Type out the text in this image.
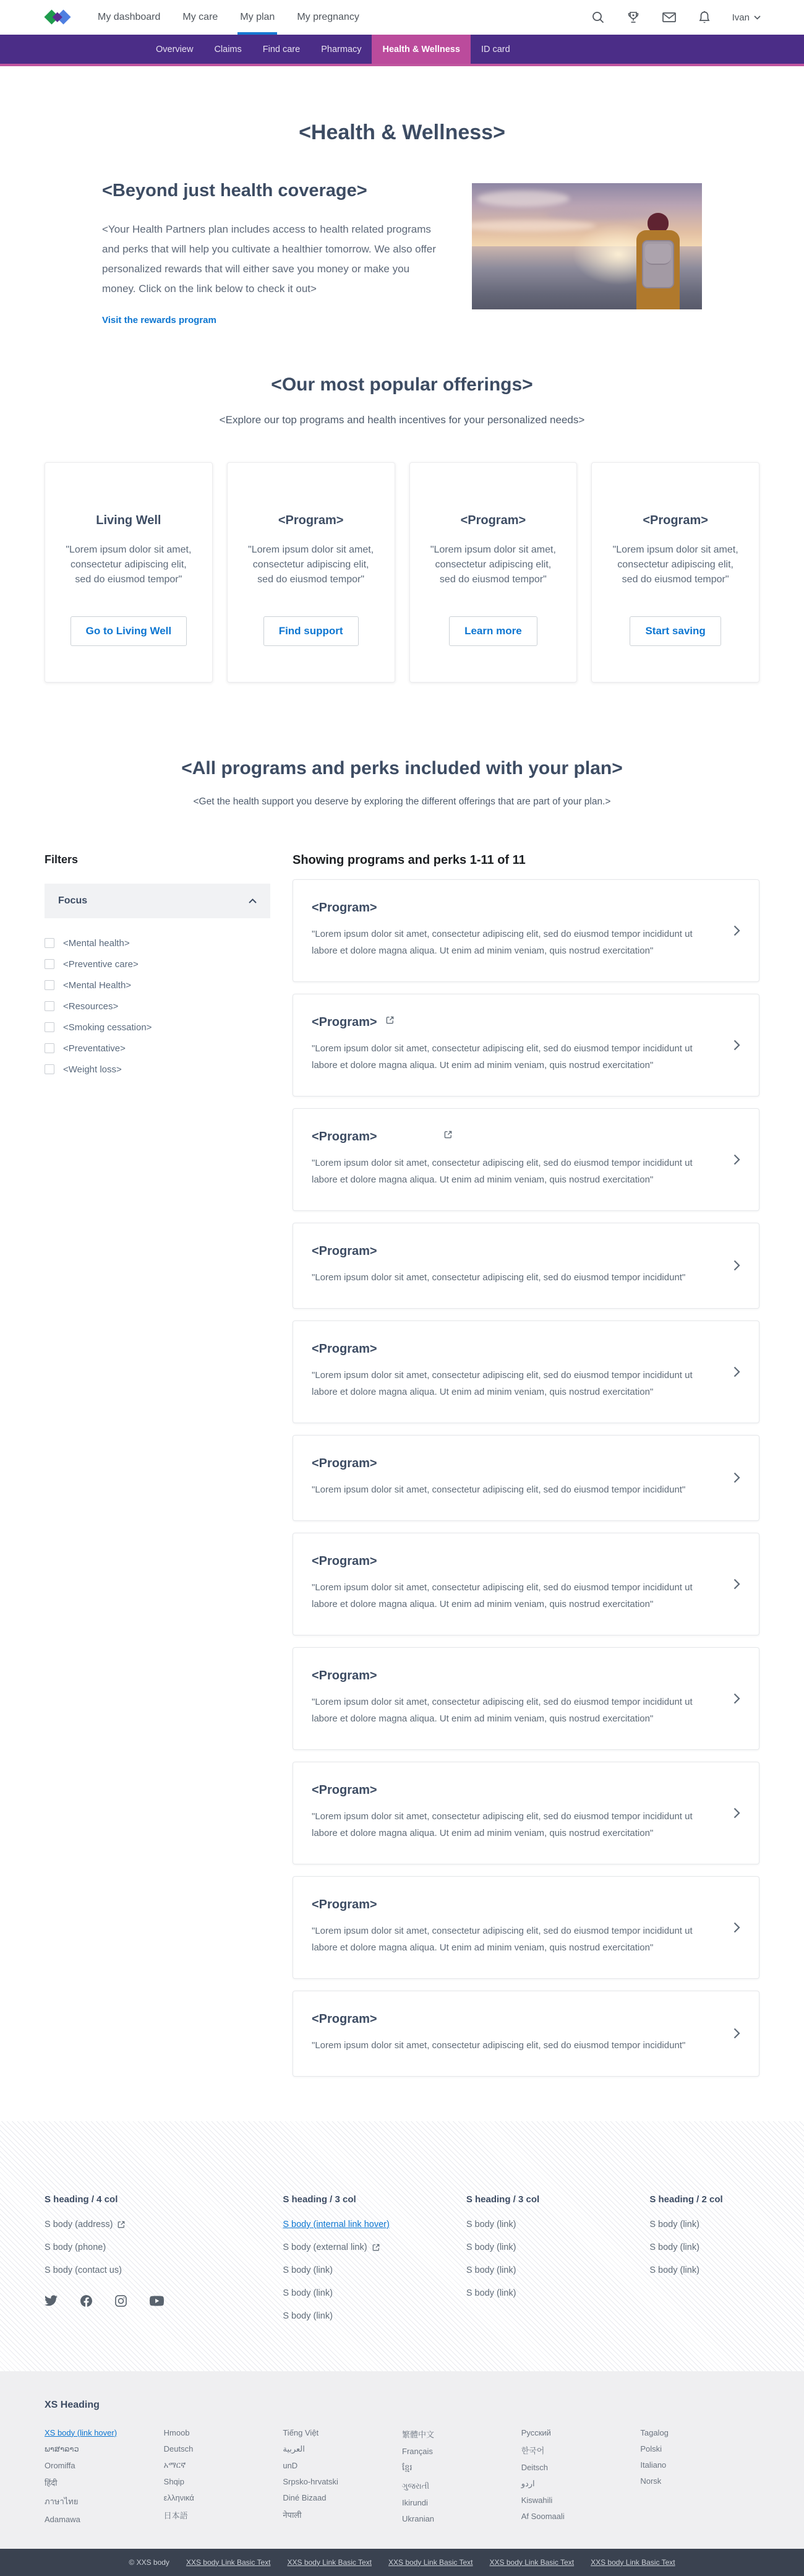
My dashboard My care My plan My pregnancy	Ivan
Overview	Claims	Find care	Pharmacy	Health & Wellness	ID card
<Health & Wellness>
<Beyond just health coverage>

<Your Health Partners plan includes access to health related programs and perks that will help you cultivate a healthier tomorrow. We also offer personalized rewards that will either save you money or make you money. Click on the link below to check it out>

Visit the rewards program
<Our most popular offerings>

<Explore our top programs and health incentives for your personalized needs>

Living Well
"Lorem ipsum dolor sit amet, consectetur adipiscing elit, sed do eiusmod tempor"
Go to Living Well
<Program>
"Lorem ipsum dolor sit amet, consectetur adipiscing elit, sed do eiusmod tempor"
Find support
<Program>
"Lorem ipsum dolor sit amet, consectetur adipiscing elit, sed do eiusmod tempor"
Learn more
<Program>
"Lorem ipsum dolor sit amet, consectetur adipiscing elit, sed do eiusmod tempor"
Start saving
<All programs and perks included with your plan>

<Get the health support you deserve by exploring the different offerings that are part of your plan.>

Filters
Focus
<Mental health>
<Preventive care>
<Mental Health>
<Resources>
<Smoking cessation>
<Preventative>
<Weight loss>
Showing programs and perks 1-11 of 11
<Program>
"Lorem ipsum dolor sit amet, consectetur adipiscing elit, sed do eiusmod tempor incididunt ut labore et dolore magna aliqua. Ut enim ad minim veniam, quis nostrud exercitation"
<Program>
"Lorem ipsum dolor sit amet, consectetur adipiscing elit, sed do eiusmod tempor incididunt ut labore et dolore magna aliqua. Ut enim ad minim veniam, quis nostrud exercitation"
<Program>
"Lorem ipsum dolor sit amet, consectetur adipiscing elit, sed do eiusmod tempor incididunt ut labore et dolore magna aliqua. Ut enim ad minim veniam, quis nostrud exercitation"
<Program>
"Lorem ipsum dolor sit amet, consectetur adipiscing elit, sed do eiusmod tempor incididunt"
<Program>
"Lorem ipsum dolor sit amet, consectetur adipiscing elit, sed do eiusmod tempor incididunt ut labore et dolore magna aliqua. Ut enim ad minim veniam, quis nostrud exercitation"
<Program>
"Lorem ipsum dolor sit amet, consectetur adipiscing elit, sed do eiusmod tempor incididunt"
<Program>
"Lorem ipsum dolor sit amet, consectetur adipiscing elit, sed do eiusmod tempor incididunt ut labore et dolore magna aliqua. Ut enim ad minim veniam, quis nostrud exercitation"
<Program>
"Lorem ipsum dolor sit amet, consectetur adipiscing elit, sed do eiusmod tempor incididunt ut labore et dolore magna aliqua. Ut enim ad minim veniam, quis nostrud exercitation"
<Program>
"Lorem ipsum dolor sit amet, consectetur adipiscing elit, sed do eiusmod tempor incididunt ut labore et dolore magna aliqua. Ut enim ad minim veniam, quis nostrud exercitation"
<Program>
"Lorem ipsum dolor sit amet, consectetur adipiscing elit, sed do eiusmod tempor incididunt ut labore et dolore magna aliqua. Ut enim ad minim veniam, quis nostrud exercitation"
<Program>
"Lorem ipsum dolor sit amet, consectetur adipiscing elit, sed do eiusmod tempor incididunt"
S heading / 4 col
S body (address)
S body (phone)
S body (contact us)
S heading / 3 col
S body (internal link hover)
S body (external link)
S body (link)
S body (link)
S body (link)
S heading / 3 col
S body (link)
S body (link)
S body (link)
S body (link)
S heading / 2 col
S body (link)
S body (link)
S body (link)
XS Heading
XS body (link hover)
ພາສາລາວ
Oromiffa
हिंदी
ภาษาไทย
Adamawa
Hmoob
Deutsch
አማርኛ
Shqip
ελληνικά
日本語
Tiếng Việt
العربية
unD
Srpsko-hrvatski
Diné Bizaad
नेपाली
繁體中文
Français
ខ្មែរ
ગુજરાતી
Ikirundi
Ukranian
Русский
한국어
Deitsch
اردو
Kiswahili
Af Soomaali
Tagalog
Polski
Italiano
Norsk
© XXS body XXS body Link Basic Text XXS body Link Basic Text XXS body Link Basic Text XXS body Link Basic Text XXS body Link Basic Text
